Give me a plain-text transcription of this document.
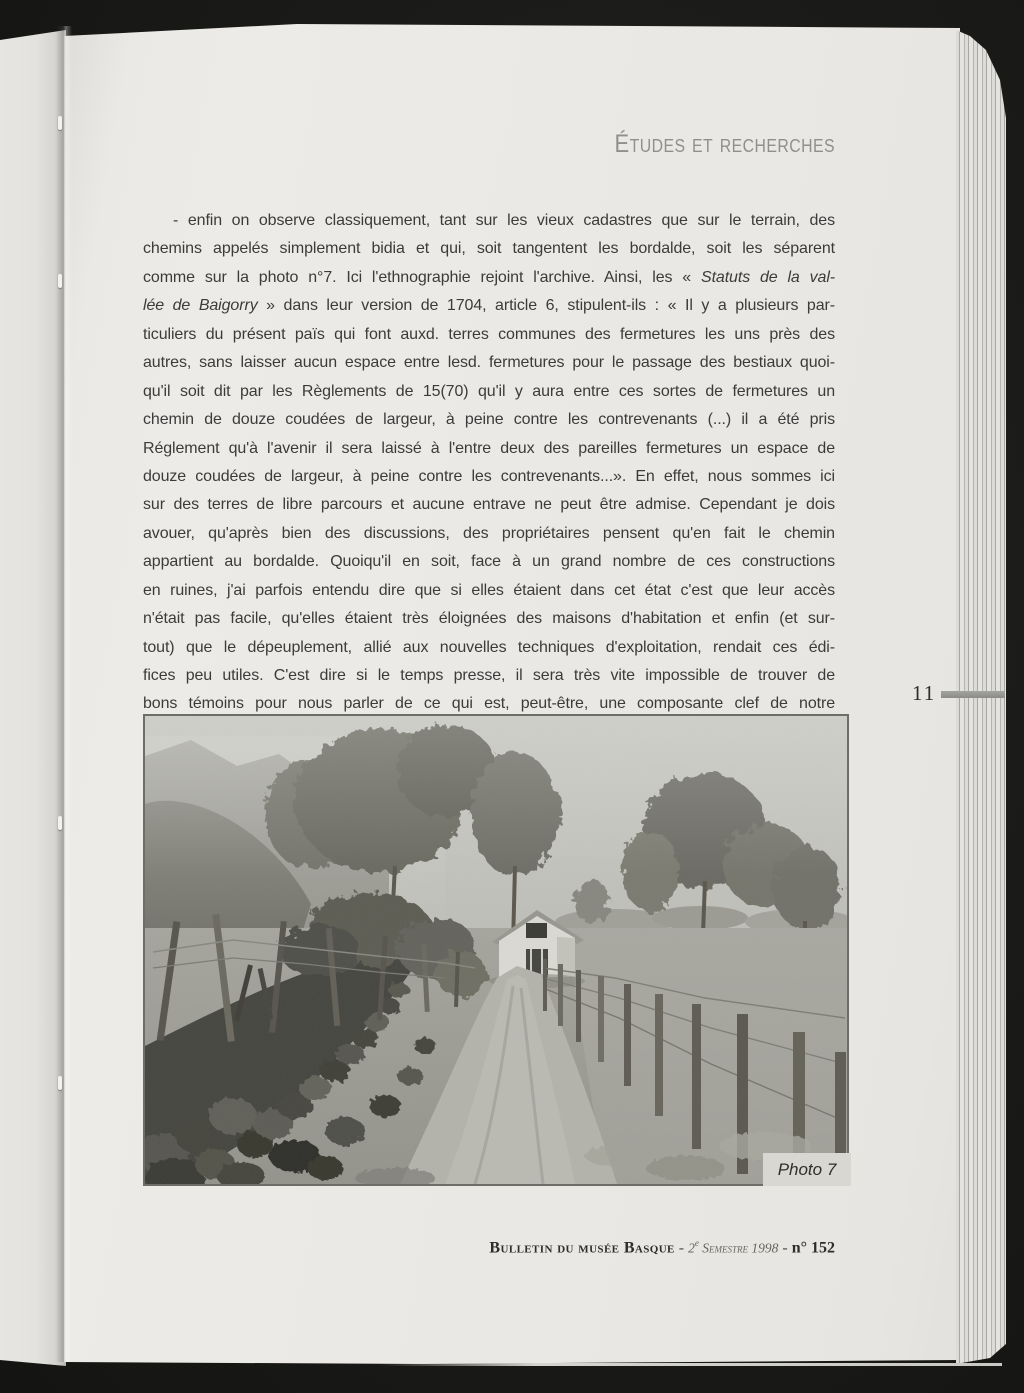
Études et recherches
- enfin on observe classiquement, tant sur les vieux cadastres que sur le terrain, des
chemins appelés simplement bidia et qui, soit tangentent les bordalde, soit les séparent
comme sur la photo n°7. Ici l'ethnographie rejoint l'archive. Ainsi, les « Statuts de la val-
lée de Baigorry » dans leur version de 1704, article 6, stipulent-ils : « Il y a plusieurs par-
ticuliers du présent païs qui font auxd. terres communes des fermetures les uns près des
autres, sans laisser aucun espace entre lesd. fermetures pour le passage des bestiaux quoi-
qu'il soit dit par les Règlements de 15(70) qu'il y aura entre ces sortes de fermetures un
chemin de douze coudées de largeur, à peine contre les contrevenants (...) il a été pris
Réglement qu'à l'avenir il sera laissé à l'entre deux des pareilles fermetures un espace de
douze coudées de largeur, à peine contre les contrevenants...». En effet, nous sommes ici
sur des terres de libre parcours et aucune entrave ne peut être admise. Cependant je dois
avouer, qu'après bien des discussions, des propriétaires pensent qu'en fait le chemin
appartient au bordalde. Quoiqu'il en soit, face à un grand nombre de ces constructions
en ruines, j'ai parfois entendu dire que si elles étaient dans cet état c'est que leur accès
n'était pas facile, qu'elles étaient très éloignées des maisons d'habitation et enfin (et sur-
tout) que le dépeuplement, allié aux nouvelles techniques d'exploitation, rendait ces édi-
fices peu utiles. C'est dire si le temps presse, il sera très vite impossible de trouver de
bons témoins pour nous parler de ce qui est, peut-être, une composante clef de notre	11
Photo 7
Bulletin du musée Basque - 2e Semestre 1998 - n° 152
